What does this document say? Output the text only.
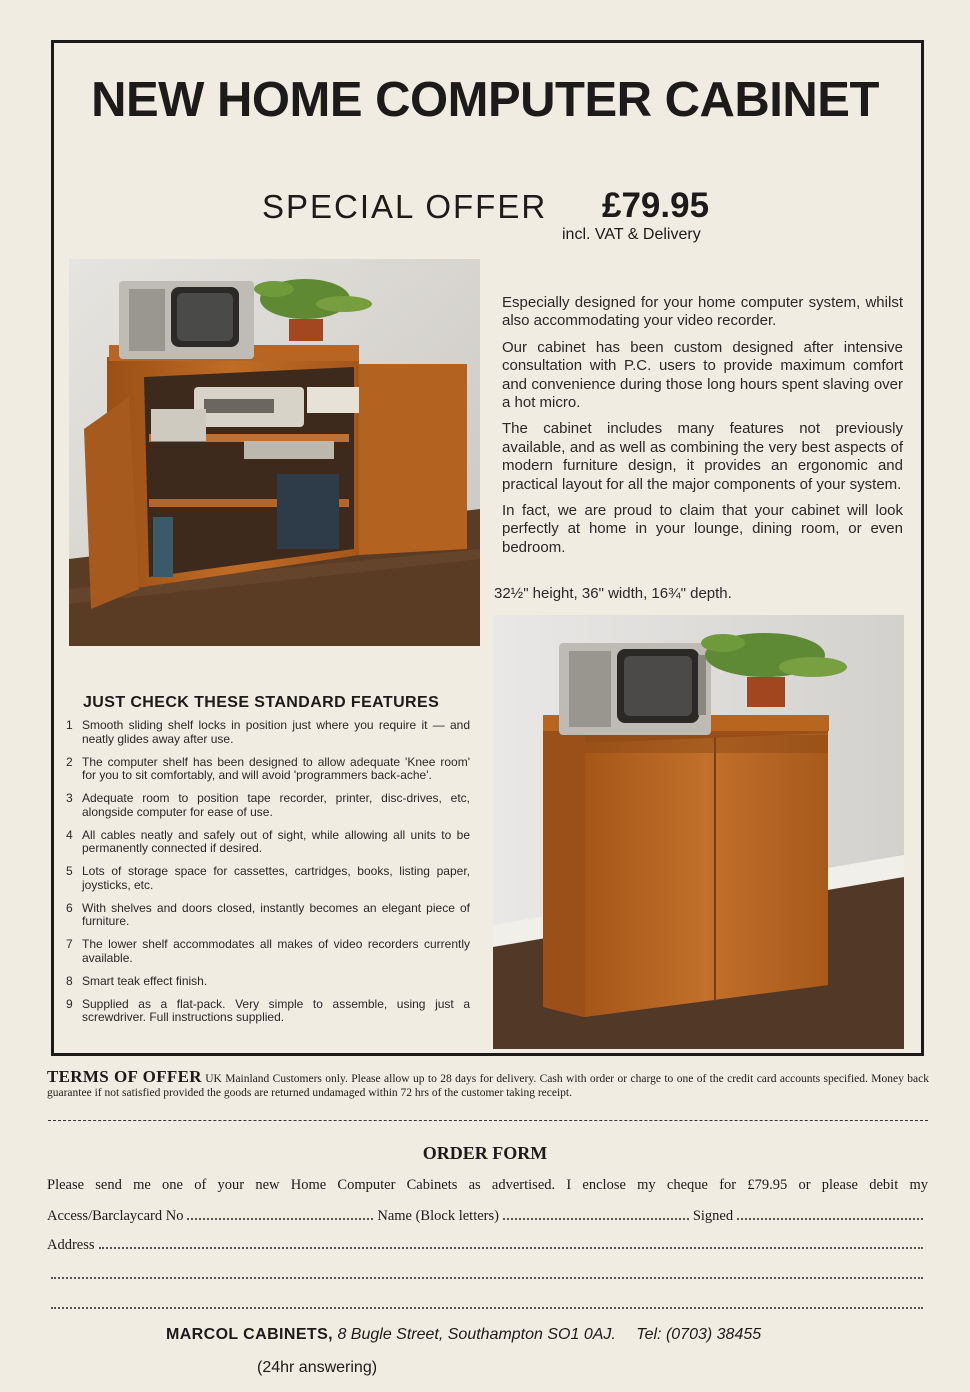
NEW HOME COMPUTER CABINET
SPECIAL OFFER £79.95
incl. VAT & Delivery

Especially designed for your home computer system, whilst also accommodating your video recorder.

Our cabinet has been custom designed after intensive consultation with P.C. users to provide maximum comfort and convenience during those long hours spent slaving over a hot micro.

The cabinet includes many features not previously available, and as well as combining the very best aspects of modern furniture design, it provides an ergonomic and practical layout for all the major components of your system.

In fact, we are proud to claim that your cabinet will look perfectly at home in your lounge, dining room, or even bedroom.

32½" height, 36" width, 16¾" depth.
JUST CHECK THESE STANDARD FEATURES
1 Smooth sliding shelf locks in position just where you require it — and neatly glides away after use.
2 The computer shelf has been designed to allow adequate 'Knee room' for you to sit comfortably, and will avoid 'programmers back-ache'.
3 Adequate room to position tape recorder, printer, disc-drives, etc, alongside computer for ease of use.
4 All cables neatly and safely out of sight, while allowing all units to be permanently connected if desired.
5 Lots of storage space for cassettes, cartridges, books, listing paper, joysticks, etc.
6 With shelves and doors closed, instantly becomes an elegant piece of furniture.
7 The lower shelf accommodates all makes of video recorders currently available.
8 Smart teak effect finish.
9 Supplied as a flat-pack. Very simple to assemble, using just a screwdriver. Full instructions supplied.
TERMS OF OFFER UK Mainland Customers only. Please allow up to 28 days for delivery. Cash with order or charge to one of the credit card accounts specified. Money back guarantee if not satisfied provided the goods are returned undamaged within 72 hrs of the customer taking receipt.
ORDER FORM
Please send me one of your new Home Computer Cabinets as advertised. I enclose my cheque for £79.95 or please debit my
Access/Barclaycard No	Name (Block letters)	Signed
Address
MARCOL CABINETS, 8 Bugle Street, Southampton SO1 0AJ. Tel: (0703) 38455
(24hr answering)
